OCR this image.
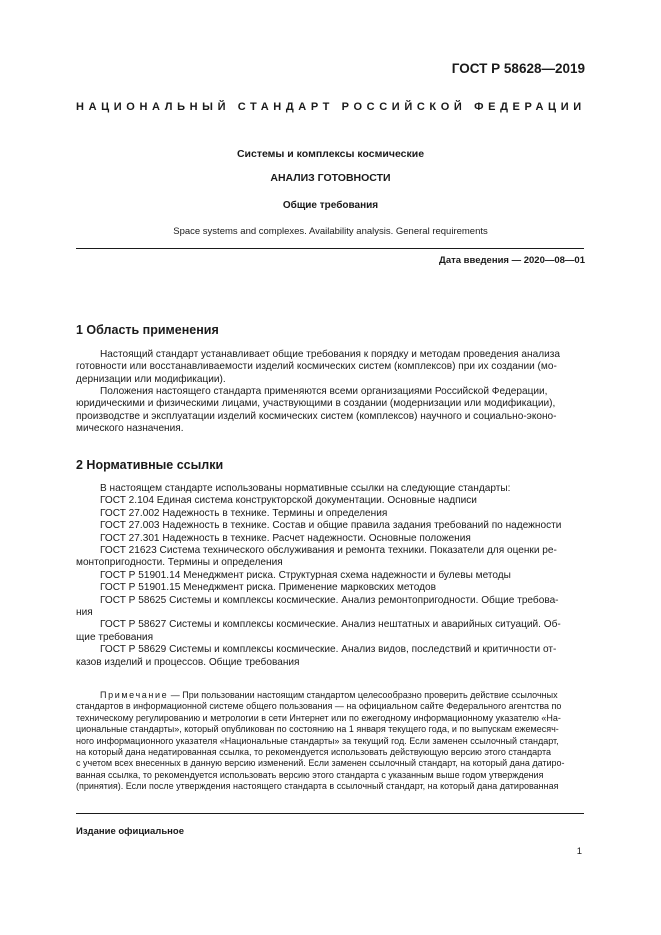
ГОСТ Р 58628—2019
НАЦИОНАЛЬНЫЙ СТАНДАРТ РОССИЙСКОЙ ФЕДЕРАЦИИ
Системы и комплексы космические
АНАЛИЗ ГОТОВНОСТИ
Общие требования
Space systems and complexes. Availability analysis. General requirements
Дата введения — 2020—08—01
1 Область применения
Настоящий стандарт устанавливает общие требования к порядку и методам проведения анализа
готовности или восстанавливаемости изделий космических систем (комплексов) при их создании (мо-
дернизации или модификации).
Положения настоящего стандарта применяются всеми организациями Российской Федерации,
юридическими и физическими лицами, участвующими в создании (модернизации или модификации),
производстве и эксплуатации изделий космических систем (комплексов) научного и социально-эконо-
мического назначения.
2 Нормативные ссылки
В настоящем стандарте использованы нормативные ссылки на следующие стандарты:
ГОСТ 2.104 Единая система конструкторской документации. Основные надписи
ГОСТ 27.002 Надежность в технике. Термины и определения
ГОСТ 27.003 Надежность в технике. Состав и общие правила задания требований по надежности
ГОСТ 27.301 Надежность в технике. Расчет надежности. Основные положения
ГОСТ 21623 Система технического обслуживания и ремонта техники. Показатели для оценки ре-
монтопригодности. Термины и определения
ГОСТ Р 51901.14 Менеджмент риска. Структурная схема надежности и булевы методы
ГОСТ Р 51901.15 Менеджмент риска. Применение марковских методов
ГОСТ Р 58625 Системы и комплексы космические. Анализ ремонтопригодности. Общие требова-
ния
ГОСТ Р 58627 Системы и комплексы космические. Анализ нештатных и аварийных ситуаций. Об-
щие требования
ГОСТ Р 58629 Системы и комплексы космические. Анализ видов, последствий и критичности от-
казов изделий и процессов. Общие требования
Примечание — При пользовании настоящим стандартом целесообразно проверить действие ссылочных
стандартов в информационной системе общего пользования — на официальном сайте Федерального агентства по
техническому регулированию и метрологии в сети Интернет или по ежегодному информационному указателю «На-
циональные стандарты», который опубликован по состоянию на 1 января текущего года, и по выпускам ежемесяч-
ного информационного указателя «Национальные стандарты» за текущий год. Если заменен ссылочный стандарт,
на который дана недатированная ссылка, то рекомендуется использовать действующую версию этого стандарта
с учетом всех внесенных в данную версию изменений. Если заменен ссылочный стандарт, на который дана датиро-
ванная ссылка, то рекомендуется использовать версию этого стандарта с указанным выше годом утверждения
(принятия). Если после утверждения настоящего стандарта в ссылочный стандарт, на который дана датированная
Издание официальное
1
